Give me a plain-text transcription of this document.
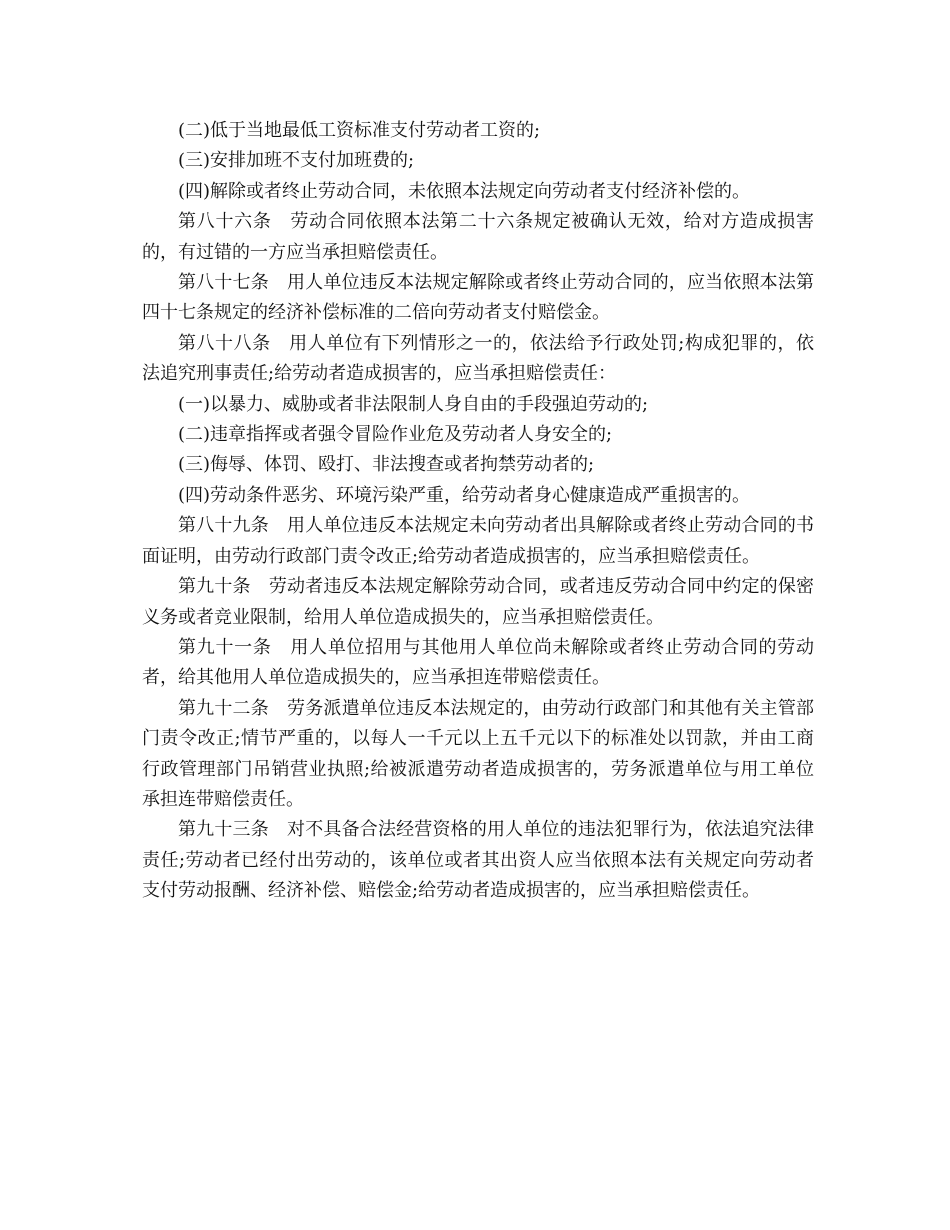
(二)低于当地最低工资标准支付劳动者工资的;

(三)安排加班不支付加班费的;

(四)解除或者终止劳动合同，未依照本法规定向劳动者支付经济补偿的。

第八十六条　劳动合同依照本法第二十六条规定被确认无效，给对方造成损害的，有过错的一方应当承担赔偿责任。

第八十七条　用人单位违反本法规定解除或者终止劳动合同的，应当依照本法第四十七条规定的经济补偿标准的二倍向劳动者支付赔偿金。

第八十八条　用人单位有下列情形之一的，依法给予行政处罚;构成犯罪的，依法追究刑事责任;给劳动者造成损害的，应当承担赔偿责任：

(一)以暴力、威胁或者非法限制人身自由的手段强迫劳动的;

(二)违章指挥或者强令冒险作业危及劳动者人身安全的;

(三)侮辱、体罚、殴打、非法搜查或者拘禁劳动者的;

(四)劳动条件恶劣、环境污染严重，给劳动者身心健康造成严重损害的。

第八十九条　用人单位违反本法规定未向劳动者出具解除或者终止劳动合同的书面证明，由劳动行政部门责令改正;给劳动者造成损害的，应当承担赔偿责任。

第九十条　劳动者违反本法规定解除劳动合同，或者违反劳动合同中约定的保密义务或者竞业限制，给用人单位造成损失的，应当承担赔偿责任。

第九十一条　用人单位招用与其他用人单位尚未解除或者终止劳动合同的劳动者，给其他用人单位造成损失的，应当承担连带赔偿责任。

第九十二条　劳务派遣单位违反本法规定的，由劳动行政部门和其他有关主管部门责令改正;情节严重的，以每人一千元以上五千元以下的标准处以罚款，并由工商行政管理部门吊销营业执照;给被派遣劳动者造成损害的，劳务派遣单位与用工单位承担连带赔偿责任。

第九十三条　对不具备合法经营资格的用人单位的违法犯罪行为，依法追究法律责任;劳动者已经付出劳动的，该单位或者其出资人应当依照本法有关规定向劳动者支付劳动报酬、经济补偿、赔偿金;给劳动者造成损害的，应当承担赔偿责任。
